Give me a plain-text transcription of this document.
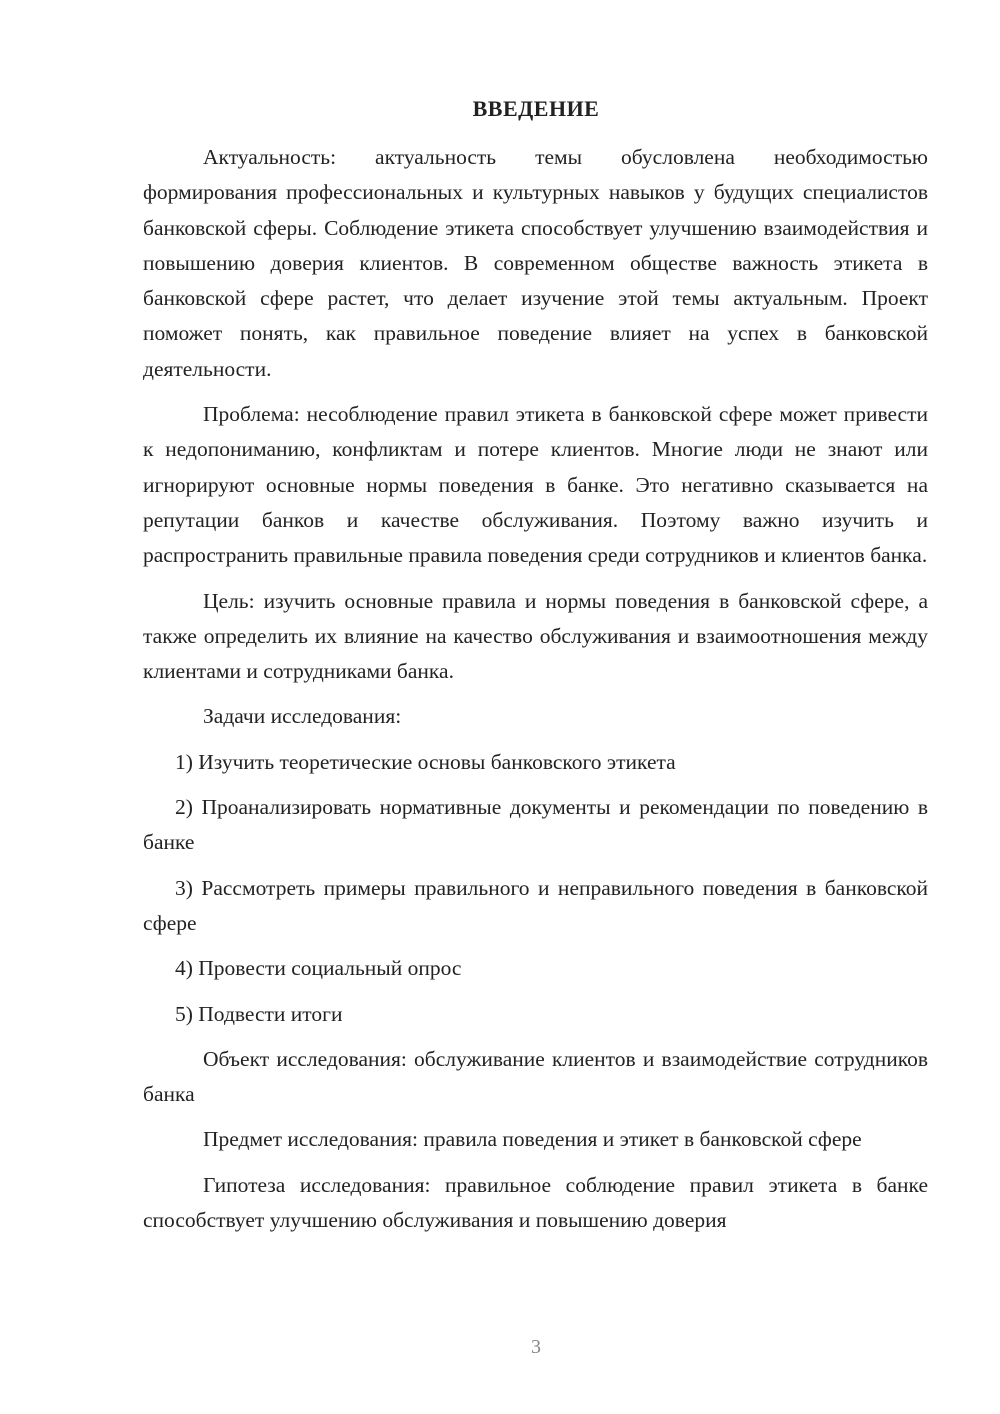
ВВЕДЕНИЕ

Актуальность: актуальность темы обусловлена необходимостью формирования профессиональных и культурных навыков у будущих специалистов банковской сферы. Соблюдение этикета способствует улучшению взаимодействия и повышению доверия клиентов. В современном обществе важность этикета в банковской сфере растет, что делает изучение этой темы актуальным. Проект поможет понять, как правильное поведение влияет на успех в банковской деятельности.

Проблема: несоблюдение правил этикета в банковской сфере может привести к недопониманию, конфликтам и потере клиентов. Многие люди не знают или игнорируют основные нормы поведения в банке. Это негативно сказывается на репутации банков и качестве обслуживания. Поэтому важно изучить и распространить правильные правила поведения среди сотрудников и клиентов банка.

Цель: изучить основные правила и нормы поведения в банковской сфере, а также определить их влияние на качество обслуживания и взаимоотношения между клиентами и сотрудниками банка.

Задачи исследования:

1) Изучить теоретические основы банковского этикета

2) Проанализировать нормативные документы и рекомендации по поведению в банке

3) Рассмотреть примеры правильного и неправильного поведения в банковской сфере

4) Провести социальный опрос

5) Подвести итоги

Объект исследования: обслуживание клиентов и взаимодействие сотрудников банка

Предмет исследования: правила поведения и этикет в банковской сфере

Гипотеза исследования: правильное соблюдение правил этикета в банке способствует улучшению обслуживания и повышению доверия

3
